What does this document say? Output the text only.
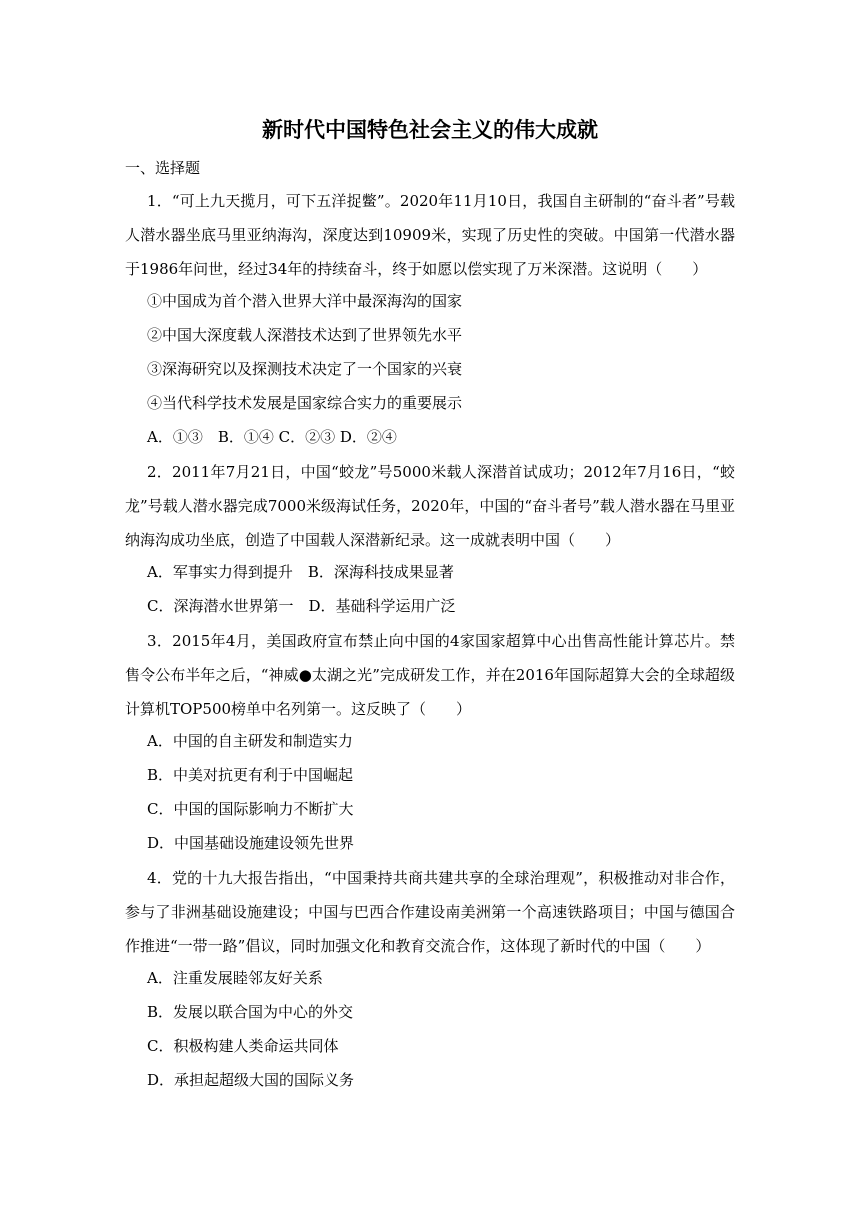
新时代中国特色社会主义的伟大成就
一、选择题
1．“可上九天揽月，可下五洋捉鳖”。2020年11月10日，我国自主研制的“奋斗者”号载人潜水器坐底马里亚纳海沟，深度达到10909米，实现了历史性的突破。中国第一代潜水器于1986年问世，经过34年的持续奋斗，终于如愿以偿实现了万米深潜。这说明（　　）
①中国成为首个潜入世界大洋中最深海沟的国家
②中国大深度载人深潜技术达到了世界领先水平
③深海研究以及探测技术决定了一个国家的兴衰
④当代科学技术发展是国家综合实力的重要展示
A．①③　B．①④ C．②③ D．②④
2．2011年7月21日，中国“蛟龙”号5000米载人深潜首试成功；2012年7月16日，“蛟龙”号载人潜水器完成7000米级海试任务，2020年，中国的“奋斗者号”载人潜水器在马里亚纳海沟成功坐底，创造了中国载人深潜新纪录。这一成就表明中国（　　）
A．军事实力得到提升　B．深海科技成果显著
C．深海潜水世界第一　D．基础科学运用广泛
3．2015年4月，美国政府宣布禁止向中国的4家国家超算中心出售高性能计算芯片。禁售令公布半年之后，“神威●太湖之光”完成研发工作，并在2016年国际超算大会的全球超级计算机TOP500榜单中名列第一。这反映了（　　）
A．中国的自主研发和制造实力
B．中美对抗更有利于中国崛起
C．中国的国际影响力不断扩大
D．中国基础设施建设领先世界
4．党的十九大报告指出，“中国秉持共商共建共享的全球治理观”，积极推动对非合作，参与了非洲基础设施建设；中国与巴西合作建设南美洲第一个高速铁路项目；中国与德国合作推进“一带一路”倡议，同时加强文化和教育交流合作，这体现了新时代的中国（　　）
A．注重发展睦邻友好关系
B．发展以联合国为中心的外交
C．积极构建人类命运共同体
D．承担起超级大国的国际义务
